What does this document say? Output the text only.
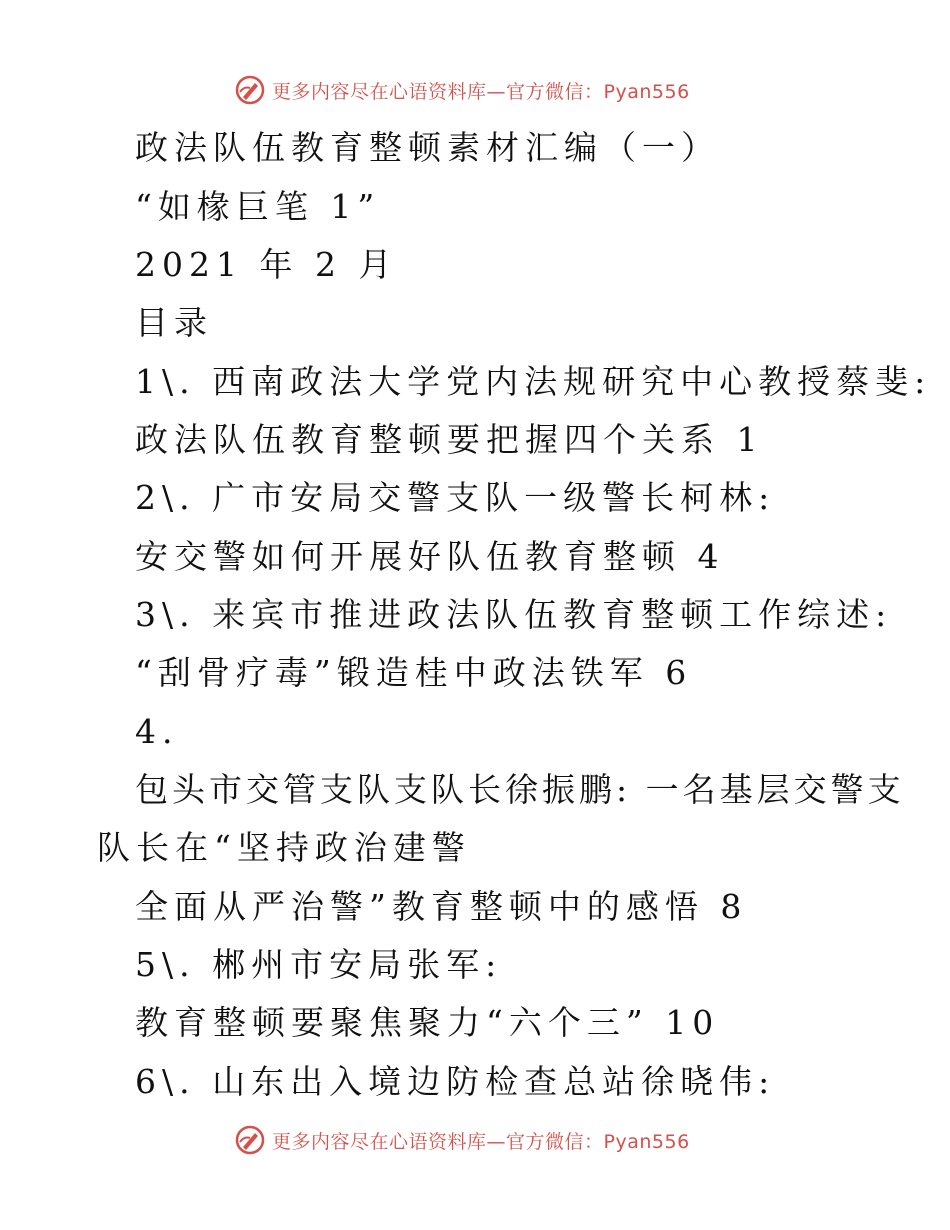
更多内容尽在心语资料库—官方微信：Pyan556
政法队伍教育整顿素材汇编（一）
“如椽巨笔 1”
2021 年 2 月
目录
1\. 西南政法大学党内法规研究中心教授蔡斐:
政法队伍教育整顿要把握四个关系 1
2\. 广市安局交警支队一级警长柯林:
安交警如何开展好队伍教育整顿 4
3\. 来宾市推进政法队伍教育整顿工作综述:
“刮骨疗毒”锻造桂中政法铁军 6
4.
包头市交管支队支队长徐振鹏: 一名基层交警支
队长在“坚持政治建警
全面从严治警”教育整顿中的感悟 8
5\. 郴州市安局张军:
教育整顿要聚焦聚力“六个三” 10
6\. 山东出入境边防检查总站徐晓伟:
更多内容尽在心语资料库—官方微信：Pyan556
